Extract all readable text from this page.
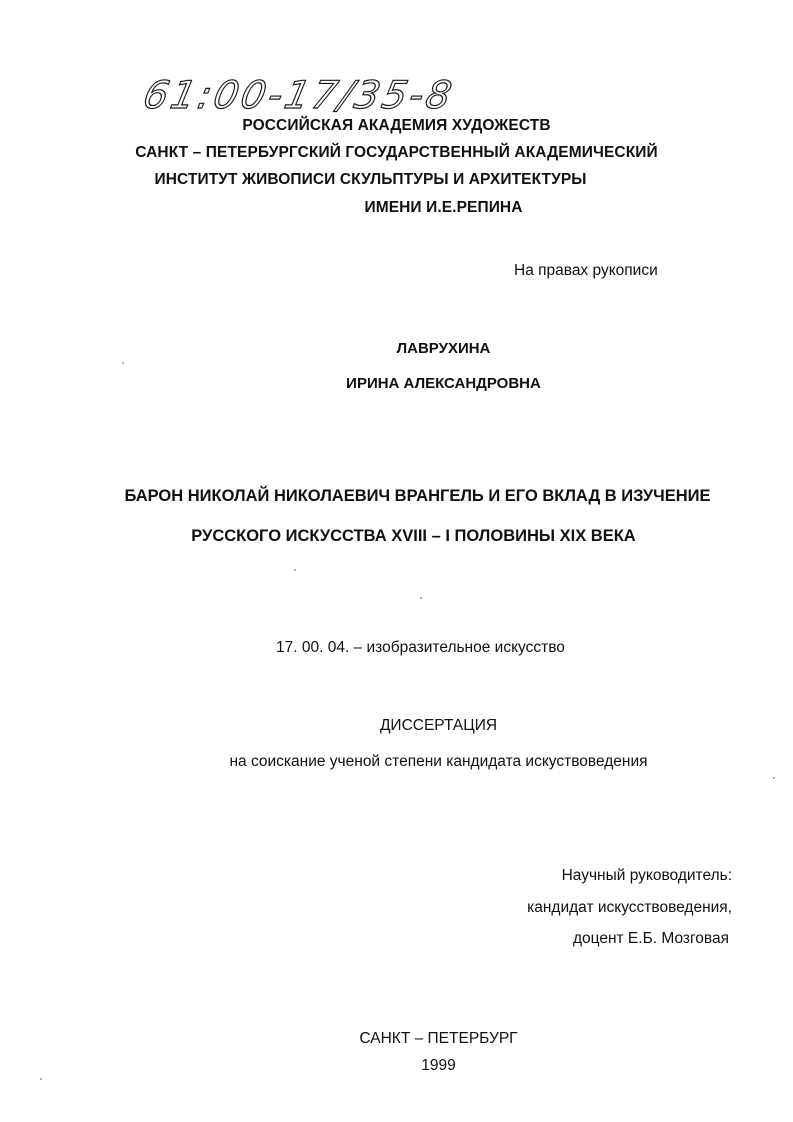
61:00-17/35-8
РОССИЙСКАЯ АКАДЕМИЯ ХУДОЖЕСТВ
САНКТ – ПЕТЕРБУРГСКИЙ ГОСУДАРСТВЕННЫЙ АКАДЕМИЧЕСКИЙ
ИНСТИТУТ ЖИВОПИСИ СКУЛЬПТУРЫ И АРХИТЕКТУРЫ
ИМЕНИ И.Е.РЕПИНА
На правах рукописи
ЛАВРУХИНА
ИРИНА АЛЕКСАНДРОВНА
БАРОН НИКОЛАЙ НИКОЛАЕВИЧ ВРАНГЕЛЬ И ЕГО ВКЛАД В ИЗУЧЕНИЕ
РУССКОГО ИСКУССТВА XVIII – I ПОЛОВИНЫ XIX ВЕКА
17. 00. 04. – изобразительное искусство
ДИССЕРТАЦИЯ
на соискание ученой степени кандидата искуствоведения
Научный руководитель:
кандидат искусствоведения,
доцент Е.Б. Мозговая
САНКТ – ПЕТЕРБУРГ
1999
